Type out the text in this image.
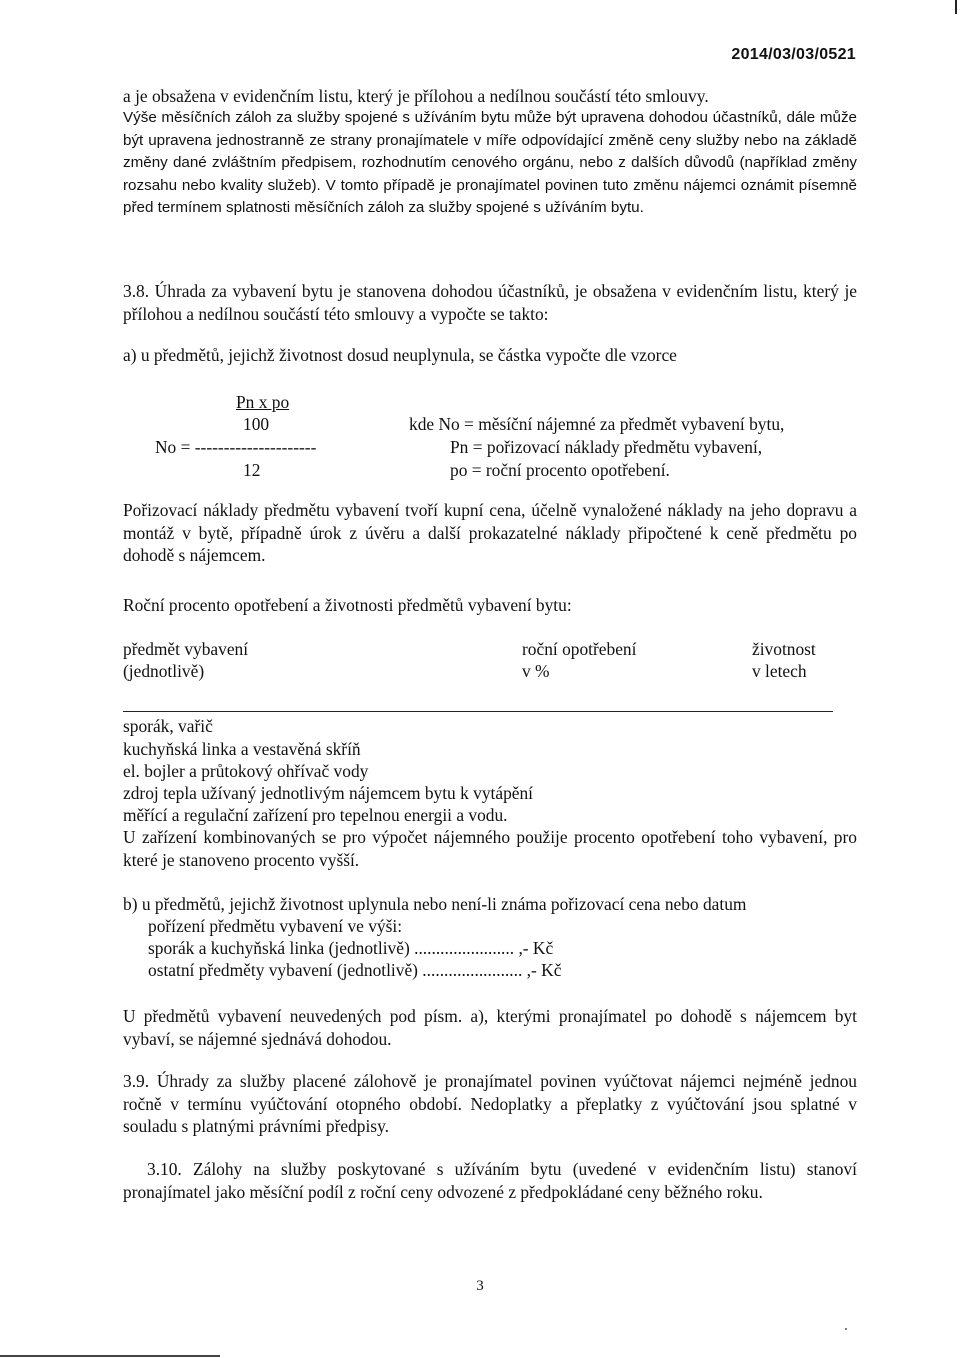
2014/03/03/0521

a je obsažena v evidenčním listu, který je přílohou a nedílnou součástí této smlouvy.

Výše měsíčních záloh za služby spojené s užíváním bytu může být upravena dohodou účastníků, dále může být upravena jednostranně ze strany pronajímatele v míře odpovídající změně ceny služby nebo na základě změny dané zvláštním předpisem, rozhodnutím cenového orgánu, nebo z dalších důvodů (například změny rozsahu nebo kvality služeb). V tomto případě je pronajímatel povinen tuto změnu nájemci oznámit písemně před termínem splatnosti měsíčních záloh za služby spojené s užíváním bytu.

3.8. Úhrada za vybavení bytu je stanovena dohodou účastníků, je obsažena v evidenčním listu, který je přílohou a nedílnou součástí této smlouvy a vypočte se takto:

a) u předmětů, jejichž životnost dosud neuplynula, se částka vypočte dle vzorce
Pn x po
100
No = ---------------------
12
kde No = měsíční nájemné za předmět vybavení bytu,
Pn = pořizovací náklady předmětu vybavení,
po = roční procento opotřebení.

Pořizovací náklady předmětu vybavení tvoří kupní cena, účelně vynaložené náklady na jeho dopravu a montáž v bytě, případně úrok z úvěru a další prokazatelné náklady připočtené k ceně předmětu po dohodě s nájemcem.

Roční procento opotřebení a životnosti předmětů vybavení bytu:
předmět vybavení
(jednotlivě)
roční opotřebení
v %
životnost
v letech
sporák, vařič
kuchyňská linka a vestavěná skříň
el. bojler a průtokový ohřívač vody
zdroj tepla užívaný jednotlivým nájemcem bytu k vytápění
měřící a regulační zařízení pro tepelnou energii a vodu.

U zařízení kombinovaných se pro výpočet nájemného použije procento opotřebení toho vybavení, pro které je stanoveno procento vyšší.

b) u předmětů, jejichž životnost uplynula nebo není-li známa pořizovací cena nebo datum
pořízení předmětu vybavení ve výši:
sporák a kuchyňská linka (jednotlivě) ....................... ,- Kč
ostatní předměty vybavení (jednotlivě) ....................... ,- Kč

U předmětů vybavení neuvedených pod písm. a), kterými pronajímatel po dohodě s nájemcem byt vybaví, se nájemné sjednává dohodou.

3.9. Úhrady za služby placené zálohově je pronajímatel povinen vyúčtovat nájemci nejméně jednou ročně v termínu vyúčtování otopného období. Nedoplatky a přeplatky z vyúčtování jsou splatné v souladu s platnými právními předpisy.

3.10. Zálohy na služby poskytované s užíváním bytu (uvedené v evidenčním listu) stanoví pronajímatel jako měsíční podíl z roční ceny odvozené z předpokládané ceny běžného roku.

3
